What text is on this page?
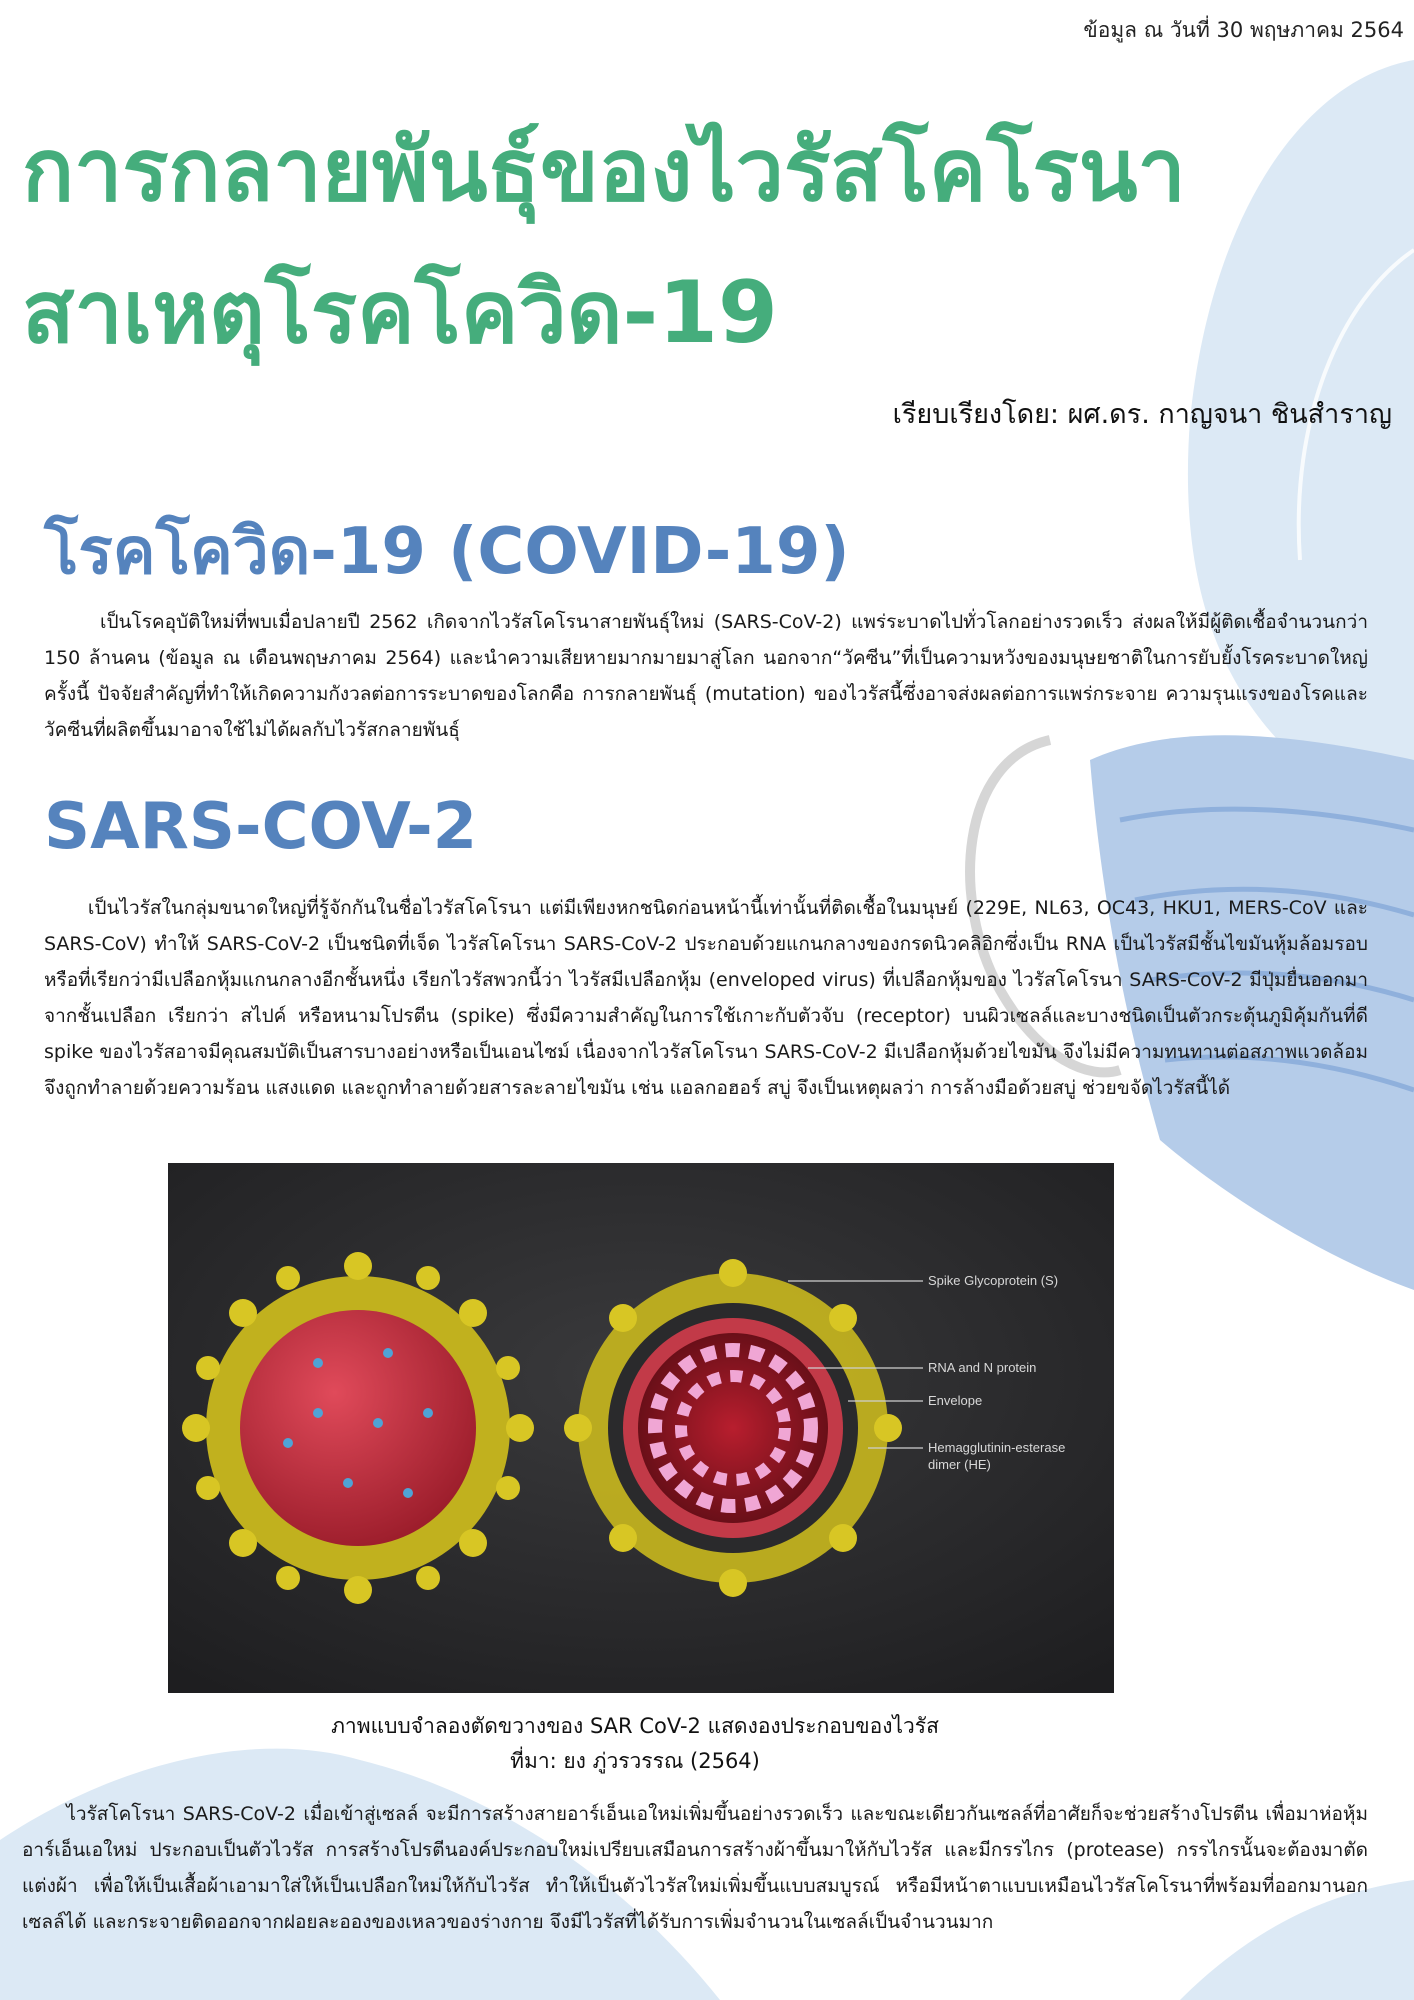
ข้อมูล ณ วันที่ 30 พฤษภาคม 2564
การกลายพันธุ์ของไวรัสโคโรนา
สาเหตุโรคโควิด-19
เรียบเรียงโดย: ผศ.ดร. กาญจนา ชินสำราญ
โรคโควิด-19 (COVID-19)

เป็นโรคอุบัติใหม่ที่พบเมื่อปลายปี 2562 เกิดจากไวรัสโคโรนาสายพันธุ์ใหม่ (SARS-CoV-2) แพร่ระบาดไปทั่วโลกอย่างรวดเร็ว ส่งผลให้มีผู้ติดเชื้อจำนวนกว่า 150 ล้านคน (ข้อมูล ณ เดือนพฤษภาคม 2564) และนำความเสียหายมากมายมาสู่โลก นอกจาก“วัคซีน”ที่เป็นความหวังของมนุษยชาติในการยับยั้งโรคระบาดใหญ่ครั้งนี้ ปัจจัยสำคัญที่ทำให้เกิดความกังวลต่อการระบาดของโลกคือ การกลายพันธุ์ (mutation) ของไวรัสนี้ซึ่งอาจส่งผลต่อการแพร่กระจาย ความรุนแรงของโรคและวัคซีนที่ผลิตขึ้นมาอาจใช้ไม่ได้ผลกับไวรัสกลายพันธุ์

SARS-COV-2

เป็นไวรัสในกลุ่มขนาดใหญ่ที่รู้จักกันในชื่อไวรัสโคโรนา แต่มีเพียงหกชนิดก่อนหน้านี้เท่านั้นที่ติดเชื้อในมนุษย์ (229E, NL63, OC43, HKU1, MERS-CoV และ SARS-CoV) ทำให้ SARS-CoV-2 เป็นชนิดที่เจ็ด ไวรัสโคโรนา SARS-CoV-2 ประกอบด้วยแกนกลางของกรดนิวคลิอิกซึ่งเป็น RNA เป็นไวรัสมีชั้นไขมันหุ้มล้อมรอบ หรือที่เรียกว่ามีเปลือกหุ้มแกนกลางอีกชั้นหนึ่ง เรียกไวรัสพวกนี้ว่า ไวรัสมีเปลือกหุ้ม (enveloped virus) ที่เปลือกหุ้มของ ไวรัสโคโรนา SARS-CoV-2 มีปุ่มยื่นออกมาจากชั้นเปลือก เรียกว่า สไปค์ หรือหนามโปรตีน (spike) ซึ่งมีความสำคัญในการใช้เกาะกับตัวจับ (receptor) บนผิวเซลล์และบางชนิดเป็นตัวกระตุ้นภูมิคุ้มกันที่ดี spike ของไวรัสอาจมีคุณสมบัติเป็นสารบางอย่างหรือเป็นเอนไซม์ เนื่องจากไวรัสโคโรนา SARS-CoV-2 มีเปลือกหุ้มด้วยไขมัน จึงไม่มีความทนทานต่อสภาพแวดล้อม จึงถูกทำลายด้วยความร้อน แสงแดด และถูกทำลายด้วยสารละลายไขมัน เช่น แอลกอฮอร์ สบู่ จึงเป็นเหตุผลว่า การล้างมือด้วยสบู่ ช่วยขจัดไวรัสนี้ได้

Spike Glycoprotein (S)
RNA and N protein
Envelope
Hemagglutinin-esterase
dimer (HE)
ภาพแบบจำลองตัดขวางของ SAR CoV-2 แสดงองประกอบของไวรัส
ที่มา: ยง ภู่วรวรรณ (2564)

ไวรัสโคโรนา SARS-CoV-2 เมื่อเข้าสู่เซลล์ จะมีการสร้างสายอาร์เอ็นเอใหม่เพิ่มขึ้นอย่างรวดเร็ว และขณะเดียวกันเซลล์ที่อาศัยก็จะช่วยสร้างโปรตีน เพื่อมาห่อหุ้มอาร์เอ็นเอใหม่ ประกอบเป็นตัวไวรัส การสร้างโปรตีนองค์ประกอบใหม่เปรียบเสมือนการสร้างผ้าขึ้นมาให้กับไวรัส และมีกรรไกร (protease) กรรไกรนั้นจะต้องมาตัดแต่งผ้า เพื่อให้เป็นเสื้อผ้าเอามาใส่ให้เป็นเปลือกใหม่ให้กับไวรัส ทำให้เป็นตัวไวรัสใหม่เพิ่มขึ้นแบบสมบูรณ์ หรือมีหน้าตาแบบเหมือนไวรัสโคโรนาที่พร้อมที่ออกมานอกเซลล์ได้ และกระจายติดออกจากฝอยละอองของเหลวของร่างกาย จึงมีไวรัสที่ได้รับการเพิ่มจำนวนในเซลล์เป็นจำนวนมาก
